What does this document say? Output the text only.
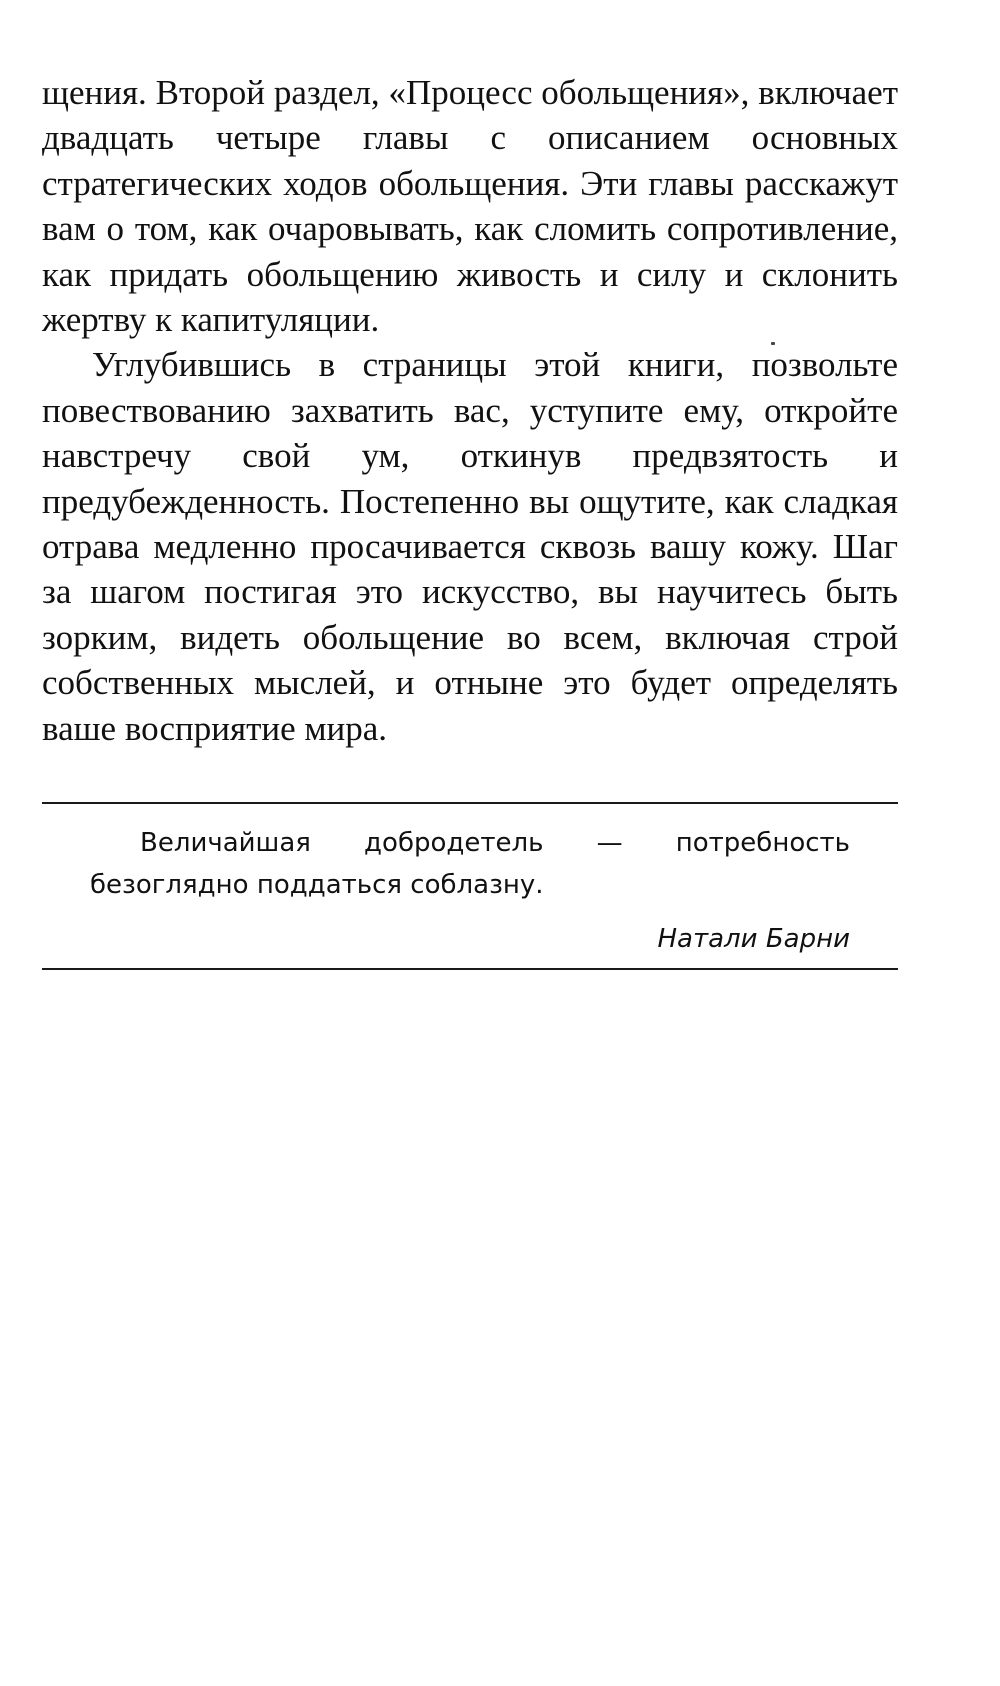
щения. Второй раздел, «Процесс обольщения», включает двадцать четыре главы с описанием основных стратегических ходов обольщения. Эти главы расскажут вам о том, как очаровывать, как сломить сопротивление, как придать обольщению живость и силу и склонить жертву к капитуляции.

Углубившись в страницы этой книги, позвольте повествованию захватить вас, уступите ему, откройте навстречу свой ум, откинув предвзятость и предубежденность. Постепенно вы ощутите, как сладкая отрава медленно просачивается сквозь вашу кожу. Шаг за шагом постигая это искусство, вы научитесь быть зорким, видеть обольщение во всем, включая строй собственных мыслей, и отныне это будет определять ваше восприятие мира.

Величайшая добродетель — потребность безоглядно поддаться соблазну.

Натали Барни
